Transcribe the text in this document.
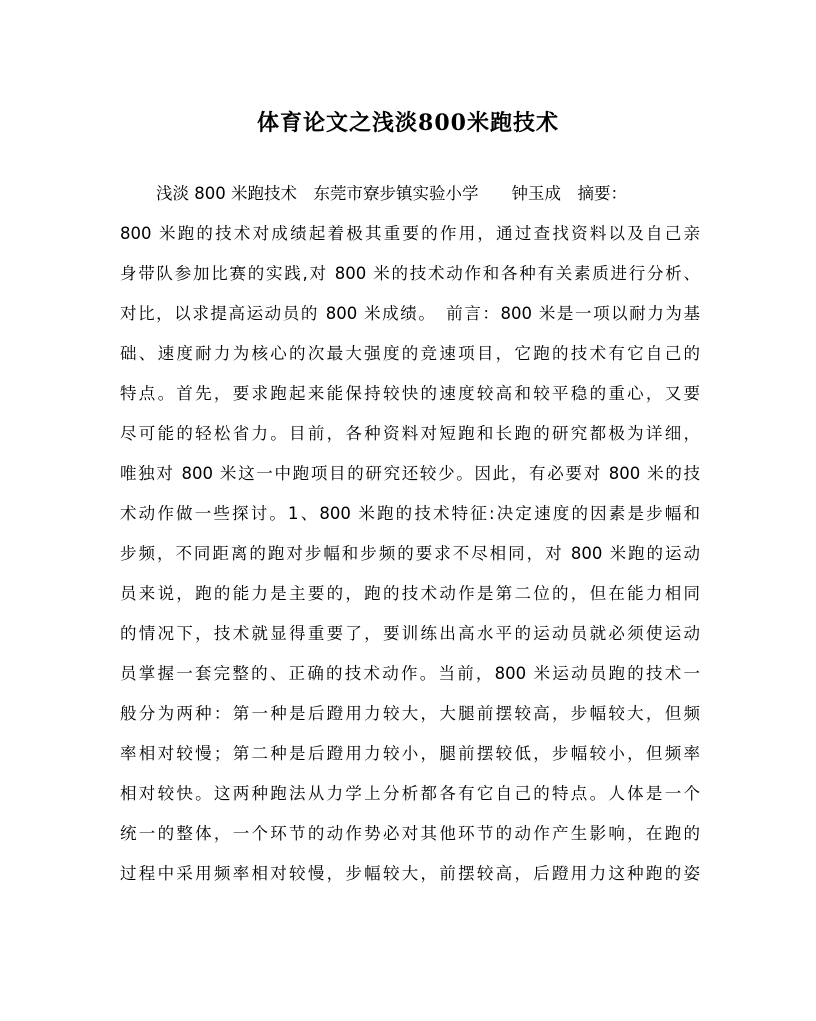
体育论文之浅淡800米跑技术
浅淡 800 米跑技术　东莞市寮步镇实验小学　　钟玉成　摘要：
800 米跑的技术对成绩起着极其重要的作用，通过查找资料以及自己亲
身带队参加比赛的实践,对 800 米的技术动作和各种有关素质进行分析、
对比，以求提高运动员的 800 米成绩。　前言：800 米是一项以耐力为基
础、速度耐力为核心的次最大强度的竞速项目，它跑的技术有它自己的
特点。首先，要求跑起来能保持较快的速度较高和较平稳的重心，又要
尽可能的轻松省力。目前，各种资料对短跑和长跑的研究都极为详细，
唯独对 800 米这一中跑项目的研究还较少。因此，有必要对 800 米的技
术动作做一些探讨。1、800 米跑的技术特征:决定速度的因素是步幅和
步频，不同距离的跑对步幅和步频的要求不尽相同，对 800 米跑的运动
员来说，跑的能力是主要的，跑的技术动作是第二位的，但在能力相同
的情况下，技术就显得重要了，要训练出高水平的运动员就必须使运动
员掌握一套完整的、正确的技术动作。当前，800 米运动员跑的技术一
般分为两种：第一种是后蹬用力较大，大腿前摆较高，步幅较大，但频
率相对较慢；第二种是后蹬用力较小，腿前摆较低，步幅较小，但频率
相对较快。这两种跑法从力学上分析都各有它自己的特点。人体是一个
统一的整体，一个环节的动作势必对其他环节的动作产生影响，在跑的
过程中采用频率相对较慢，步幅较大，前摆较高，后蹬用力这种跑的姿
